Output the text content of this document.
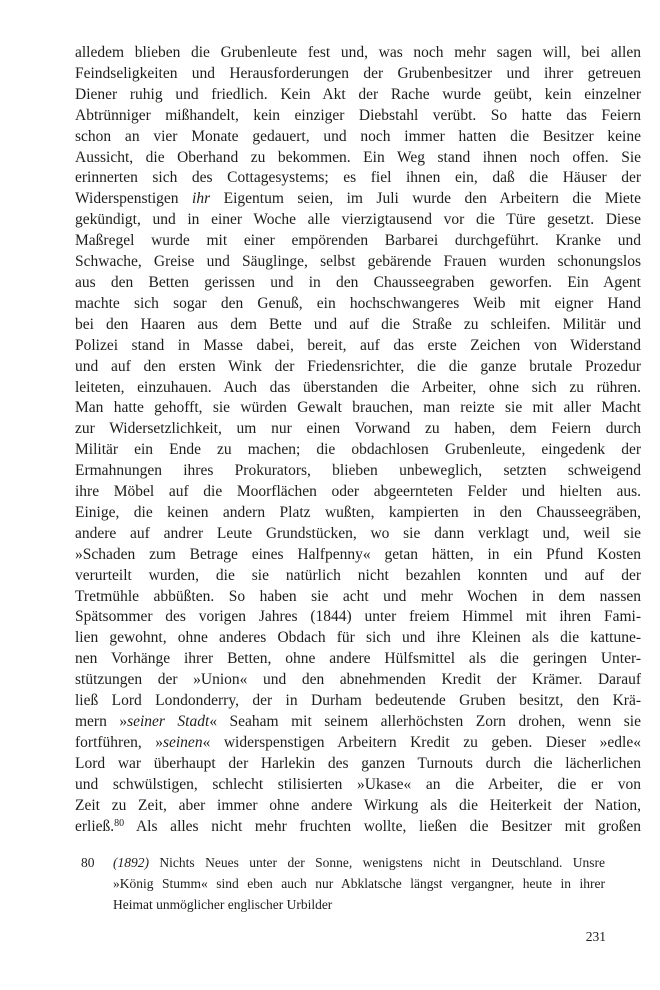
alledem blieben die Grubenleute fest und, was noch mehr sagen will, bei allen
Feindseligkeiten und Herausforderungen der Grubenbesitzer und ihrer getreuen
Diener ruhig und friedlich. Kein Akt der Rache wurde geübt, kein einzelner
Abtrünniger mißhandelt, kein einziger Diebstahl verübt. So hatte das Feiern
schon an vier Monate gedauert, und noch immer hatten die Besitzer keine
Aussicht, die Oberhand zu bekommen. Ein Weg stand ihnen noch offen. Sie
erinnerten sich des Cottagesystems; es fiel ihnen ein, daß die Häuser der
Widerspenstigen ihr Eigentum seien, im Juli wurde den Arbeitern die Miete
gekündigt, und in einer Woche alle vierzigtausend vor die Türe gesetzt. Diese
Maßregel wurde mit einer empörenden Barbarei durchgeführt. Kranke und
Schwache, Greise und Säuglinge, selbst gebärende Frauen wurden schonungslos
aus den Betten gerissen und in den Chausseegraben geworfen. Ein Agent
machte sich sogar den Genuß, ein hochschwangeres Weib mit eigner Hand
bei den Haaren aus dem Bette und auf die Straße zu schleifen. Militär und
Polizei stand in Masse dabei, bereit, auf das erste Zeichen von Widerstand
und auf den ersten Wink der Friedensrichter, die die ganze brutale Prozedur
leiteten, einzuhauen. Auch das überstanden die Arbeiter, ohne sich zu rühren.
Man hatte gehofft, sie würden Gewalt brauchen, man reizte sie mit aller Macht
zur Widersetzlichkeit, um nur einen Vorwand zu haben, dem Feiern durch
Militär ein Ende zu machen; die obdachlosen Grubenleute, eingedenk der
Ermahnungen ihres Prokurators, blieben unbeweglich, setzten schweigend
ihre Möbel auf die Moorflächen oder abgeernteten Felder und hielten aus.
Einige, die keinen andern Platz wußten, kampierten in den Chausseegräben,
andere auf andrer Leute Grundstücken, wo sie dann verklagt und, weil sie
»Schaden zum Betrage eines Halfpenny« getan hätten, in ein Pfund Kosten
verurteilt wurden, die sie natürlich nicht bezahlen konnten und auf der
Tretmühle abbüßten. So haben sie acht und mehr Wochen in dem nassen
Spätsommer des vorigen Jahres (1844) unter freiem Himmel mit ihren Fami-
lien gewohnt, ohne anderes Obdach für sich und ihre Kleinen als die kattune-
nen Vorhänge ihrer Betten, ohne andere Hülfsmittel als die geringen Unter-
stützungen der »Union« und den abnehmenden Kredit der Krämer. Darauf
ließ Lord Londonderry, der in Durham bedeutende Gruben besitzt, den Krä-
mern »seiner Stadt« Seaham mit seinem allerhöchsten Zorn drohen, wenn sie
fortführen, »seinen« widerspenstigen Arbeitern Kredit zu geben. Dieser »edle«
Lord war überhaupt der Harlekin des ganzen Turnouts durch die lächerlichen
und schwülstigen, schlecht stilisierten »Ukase« an die Arbeiter, die er von
Zeit zu Zeit, aber immer ohne andere Wirkung als die Heiterkeit der Nation,
erließ.$^{80}$ Als alles nicht mehr fruchten wollte, ließen die Besitzer mit großen
80	(1892) Nichts Neues unter der Sonne, wenigstens nicht in Deutschland. Unsre
»König Stumm« sind eben auch nur Abklatsche längst vergangner, heute in ihrer
Heimat unmöglicher englischer Urbilder
231
